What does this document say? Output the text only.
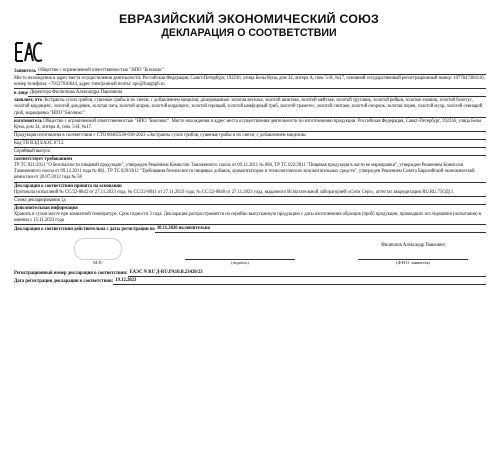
ЕВРАЗИЙСКИЙ ЭКОНОМИЧЕСКИЙ СОЮЗ
ДЕКЛАРАЦИЯ О СООТВЕТСТВИИ
Заявитель Общество с ограниченной ответственностью "НПО "Биолюкс"
Место нахождения и адрес места осуществления деятельности: Российская Федерация, Санкт-Петербург, 192236, улица Белы Куна, дом 34, литера А, пом. 5-Н, №17, основной государственный регистрационный номер: 1077847304116, номер телефона: +78127030644, адрес электронной почты: npo@fungbpb.ru
в лице Директора Филиппова Александра Павловича
заявляет, что Экстракты сухих грибов, сушеные грибы и их смеси, с добавлением мицелия, дозированные: золотая веселка, золотой шиитаке, золотой мейтаке, золотой трутовик, золотой рейши, золотые ежовик, золотой болетус, золотой кордицепс, золотой дождевик, золотая чага, золотой агарик, золотой кордицепс, золотой герицый, золотой камфорный гриб, золотой траметес, золотой сиитаке, золотой сморчок, золотая порня, золотой мухр, золотой сеннарий гриб, маркировка "НПО "Биолюкс"
изготовитель Общество с ограниченной ответственностью "НПО "Биолюкс". Место нахождения и адрес места осуществления деятельности по изготовлению продукции: Российская Федерация, Санкт-Петербург, 192236, улица Белы Куна, дом 34, литера А, пом. 5-Н, №17.
Продукция изготовлена в соответствии с СТО 80465536-010-2023 «Экстракты сухих грибов, сушеные грибы и их смеси, с добавлением мицелия»
Код ТН ВЭД ЕАЭС 0712.
Серийный выпуск
соответствует требованиям
ТР ТС 021/2011 "О безопасности пищевой продукции", утвержден Решением Комиссии Таможенного союза от 09.12.2011 № 880, ТР ТС 022/2011 "Пищевая продукция в части ее маркировки", утвержден Решением Комиссии Таможенного союза от 09.12.2011 года № 881, ТР ТС 029/2012 "Требования безопасности пищевых добавок, ароматизаторов и технологических вспомогательных средств", утвержден Решением Совета Евразийской экономической комиссии от 20.07.2012 года № 58
Декларация о соответствии принята на основании
Протокола испытаний № СС/22-8842 от 27.11.2023 года, № СС/22-8841 от 27.11.2023 года, № СС/22-8840 от 27.11.2023 года, выданного Испытательной лабораторией «Сити Серт», аттестат аккредитации RU.RU.75ОД11
Схема декларирования 1д
Дополнительная информация
Хранить в сухом месте при комнатной температуре. Срок годности 3 года. Декларация распространяется на серийно выпускаемую продукцию с даты изготовления образцов (проб) продукции, прошедших исследования (испытания) в именно с 15.11.2023 года
Декларация о соответствии действительна с даты регистрации по 30.11.2026 включительно
М.П.	(подпись)
Филиппов Александр Павлович
(Ф.И.О. заявителя)
Регистрационный номер декларации о соответствии: ЕАЭС N RU Д-RU.PA10.B.23420/23
Дата регистрации декларации о соответствии: 19.12.2023
